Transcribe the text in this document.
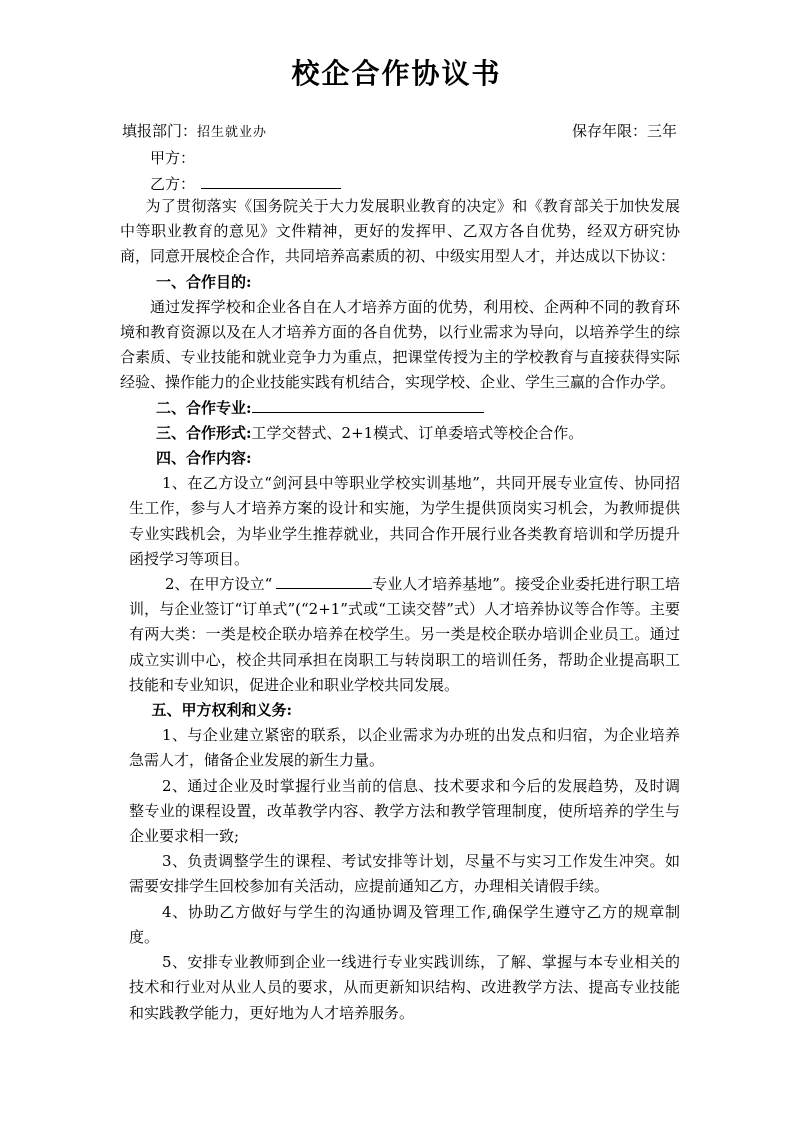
校企合作协议书
填报部门：招生就业办	保存年限：三年
甲方：
乙方：

为了贯彻落实《国务院关于大力发展职业教育的决定》和《教育部关于加快发展中等职业教育的意见》文件精神，更好的发挥甲、乙双方各自优势，经双方研究协商，同意开展校企合作，共同培养高素质的初、中级实用型人才，并达成以下协议：

一、合作目的:

通过发挥学校和企业各自在人才培养方面的优势，利用校、企两种不同的教育环境和教育资源以及在人才培养方面的各自优势，以行业需求为导向，以培养学生的综合素质、专业技能和就业竞争力为重点，把课堂传授为主的学校教育与直接获得实际经验、操作能力的企业技能实践有机结合，实现学校、企业、学生三赢的合作办学。

二、合作专业:

三、合作形式:工学交替式、2+1模式、订单委培式等校企合作。

四、合作内容:

1、在乙方设立“剑河县中等职业学校实训基地”，共同开展专业宣传、协同招生工作，参与人才培养方案的设计和实施，为学生提供顶岗实习机会，为教师提供专业实践机会，为毕业学生推荐就业，共同合作开展行业各类教育培训和学历提升函授学习等项目。

2、在甲方设立“	专业人才培养基地”。接受企业委托进行职工培训，与企业签订“订单式”(“2+1”式或“工读交替”式）人才培养协议等合作等。主要有两大类：一类是校企联办培养在校学生。另一类是校企联办培训企业员工。通过成立实训中心，校企共同承担在岗职工与转岗职工的培训任务，帮助企业提高职工技能和专业知识，促进企业和职业学校共同发展。

五、甲方权利和义务:

1、与企业建立紧密的联系，以企业需求为办班的出发点和归宿，为企业培养急需人才，储备企业发展的新生力量。

2、通过企业及时掌握行业当前的信息、技术要求和今后的发展趋势，及时调整专业的课程设置，改革教学内容、教学方法和教学管理制度，使所培养的学生与企业要求相一致;

3、负责调整学生的课程、考试安排等计划，尽量不与实习工作发生冲突。如需要安排学生回校参加有关活动，应提前通知乙方，办理相关请假手续。

4、协助乙方做好与学生的沟通协调及管理工作,确保学生遵守乙方的规章制度。

5、安排专业教师到企业一线进行专业实践训练，了解、掌握与本专业相关的技术和行业对从业人员的要求，从而更新知识结构、改进教学方法、提高专业技能和实践教学能力，更好地为人才培养服务。
